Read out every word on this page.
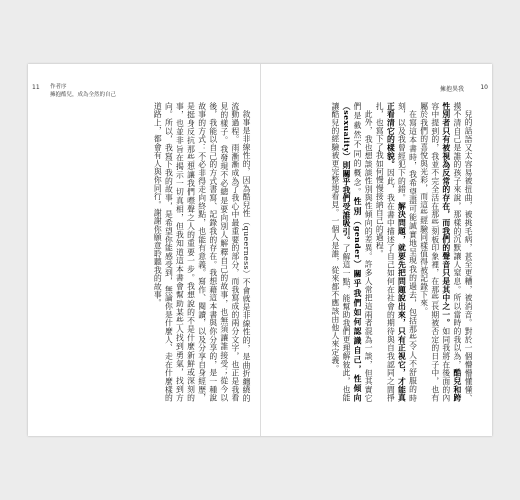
11 作者序
擁抱酷兒，成為全然的自己

敘事是非線性的，因為酷兒性（queerness）不會就是非線性的，是曲折纏繞的流動過程。雨漸漸成為了我心中最重要的部分，而我寫成的兩分文字，也正是我看見的樣子。我發現不必總是要向別人解釋自己的故事，也無須讓誰接受；從今以後，我能以自己的方式書寫、記錄我的存在。我想藉這本書與你分享的，是一種說故事的方式：不必非得走向終點，也能有意義。寫作、閱讀，以及分享自身經歷，是挺身反抗那些想讓我們噤聲之人的重要一步。我想說的不是什麼新鮮或深刻的事，也並非旨在揭示一切真相，但我知道這本書會幫助某些人找到勇氣，找到方向。所以，我寫下我的故事，是希望你能感受到，無論你是什麼人、走在什麼樣的道路上，都會有人與你同行。謝謝你願意聆聽我的故事。

擁抱異我	10

兒的話語又太容易被扭曲，被挑毛病，甚至更糟，被消音。對於一個懵懵懂懂、摸不清自己是誰的孩子來說，那樣的沉默讓人窒息。所以當時的我以為，酷兒和跨性別者只有被視為反常的存在，而我們的聲音只是其中之一。如同我將在後面的內容中提到的，我並不完全活在那些刻板印象裡，在那些長期被否定的日子中，也有屬於我們的喜悅與光彩，而這些經驗同樣值得被記錄下來。

在寫這本書時，我希望盡可能誠實地呈現我的過去，包括那些令人不舒服的時刻，以及我曾經犯下的錯。解決問題，就要先把問題說出來，只有正視它，才能真正看清它的樣貌。因此，我在書中描述了自己如何在社會的期待與自我認同之間掙扎，也寫下了我如何慢慢接納自己的過程。

此外，我也想談談性別與性傾向的差異。許多人常把這兩者混為一談，但其實它們是截然不同的概念。性別（gender）關乎我們如何認識自己，性傾向（sexuality）則關乎我們受誰吸引。了解這一點，能幫助我們更理解彼此，也能讓酷兒的經驗被更完整地看見。一個人是誰，從來都不應該由他人來定義。
